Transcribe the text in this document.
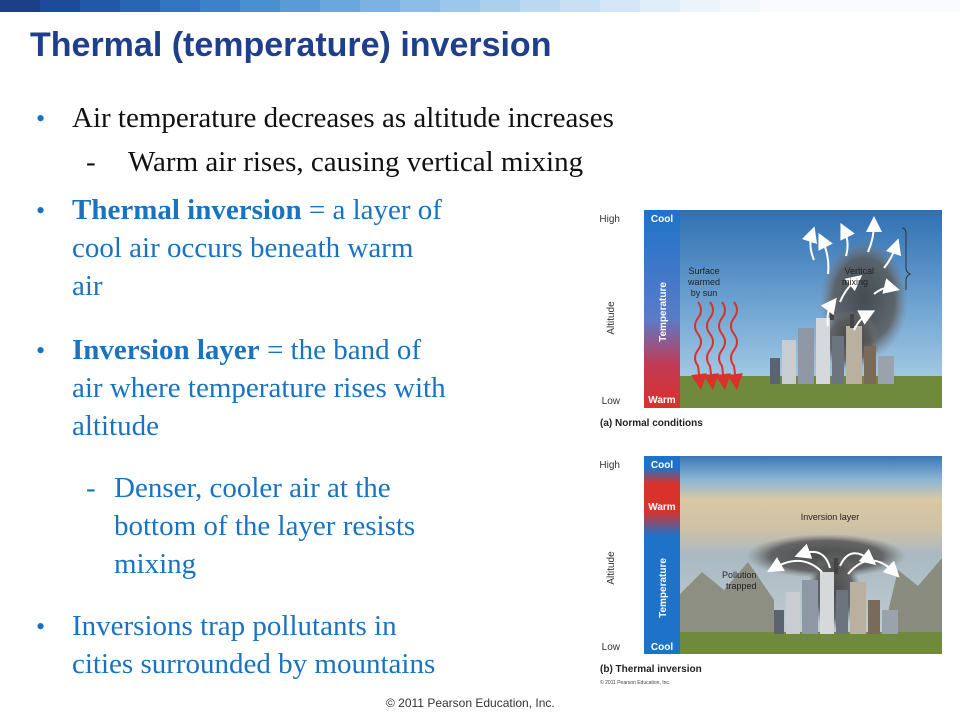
Thermal (temperature) inversion
• Air temperature decreases as altitude increases
- Warm air rises, causing vertical mixing
• Thermal inversion = a layer of
cool air occurs beneath warm
air
• Inversion layer = the band of
air where temperature rises with
altitude
- Denser, cooler air at the
bottom of the layer resists
mixing
• Inversions trap pollutants in
cities surrounded by mountains
High
Low
Altitude
Cool
Warm
Temperature
Surface
warmed
by sun
Vertical
mixing
(a) Normal conditions
High
Low
Altitude
Cool
Warm
Cool
Temperature
Inversion layer
Pollution
trapped
(b) Thermal inversion
© 2011 Pearson Education, Inc.
© 2011 Pearson Education, Inc.
